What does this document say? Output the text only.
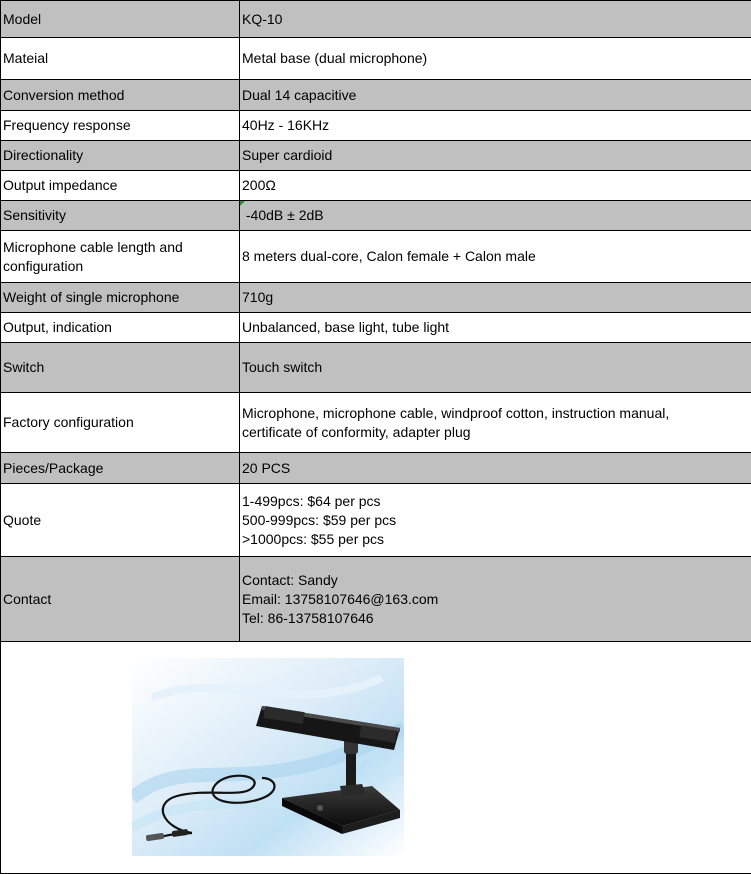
Model	KQ-10

Mateial	Metal base (dual microphone)

Conversion method	Dual 14 capacitive

Frequency response	40Hz - 16KHz

Directionality	Super cardioid

Output impedance	200Ω

Sensitivity	-40dB ± 2dB

Microphone cable length and configuration	8 meters dual-core, Calon female + Calon male

Weight of single microphone	710g

Output, indication	Unbalanced, base light, tube light

Switch	Touch switch

Factory configuration	Microphone, microphone cable, windproof cotton, instruction manual,
certificate of conformity, adapter plug

Pieces/Package	20 PCS

Quote	1-499pcs: $64 per pcs
500-999pcs: $59 per pcs
>1000pcs: $55 per pcs

Contact	Contact: Sandy
Email: 13758107646@163.com
Tel: 86-13758107646
